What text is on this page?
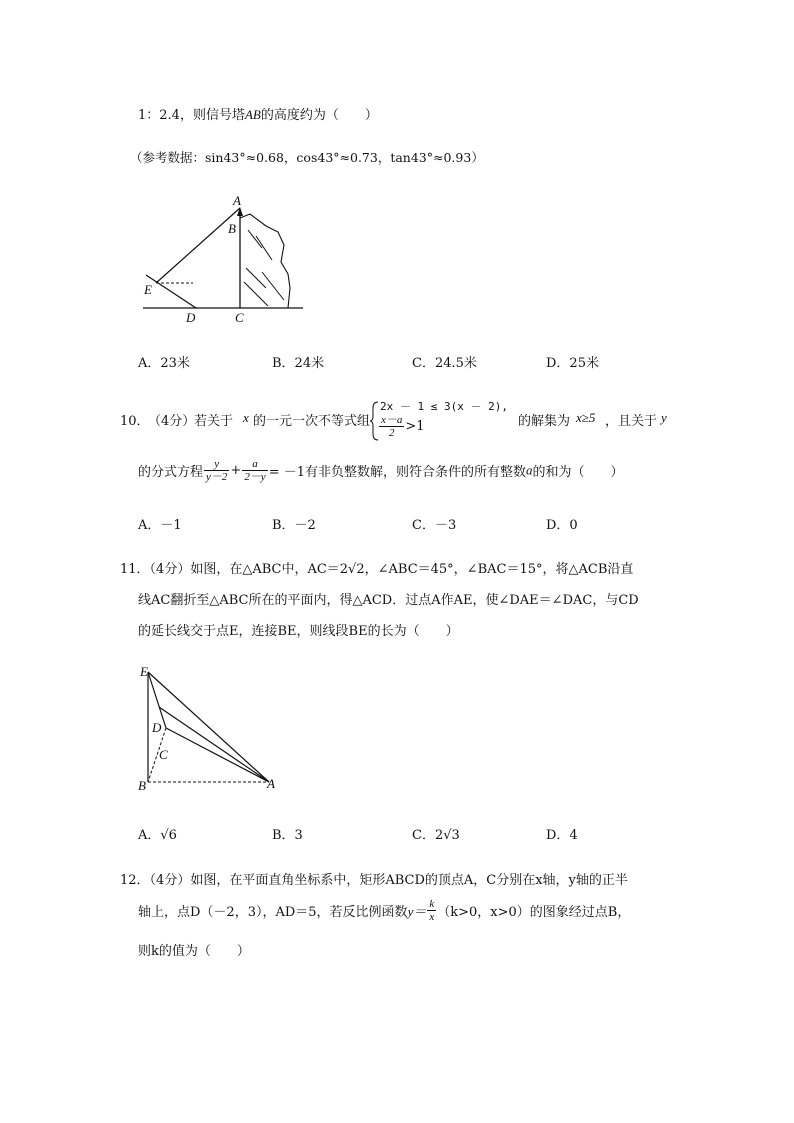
1：2.4，则信号塔AB的高度约为（　　）
（参考数据：sin43°≈0.68，cos43°≈0.73，tan43°≈0.93）
A
B
C
D
E
A．23米	B．24米	C．24.5米	D．25米
10．
（4分）
若关于 x 的一元一次不等式组
2x － 1 ≤ 3(x － 2),
$\frac{x-a}{2} >1$	的解集为 x≥5 ，且关于 y
的分式方程 $\frac{y}{y-2} + \frac{a}{2-y} = -1$有非负整数解，则符合条件的所有整数a的和为（　　）
A．－1	B．－2	C．－3	D．0
11．（4分）如图，在△ABC中，AC＝2√2，∠ABC＝45°，∠BAC＝15°，将△ACB沿直
线AC翻折至△ABC所在的平面内，得△ACD．过点A作AE，使∠DAE＝∠DAC，与CD
的延长线交于点E，连接BE，则线段BE的长为（　　）
E
D
C
B	A
A．√6	B．3	C．2√3	D．4
12．（4分）如图，在平面直角坐标系中，矩形ABCD的顶点A，C分别在x轴，y轴的正半
轴上，点D（－2，3），AD＝5，若反比例函数$y= \frac{k}{x} (k>0$，x>0）的图象经过点B，
则k的值为（　　）
